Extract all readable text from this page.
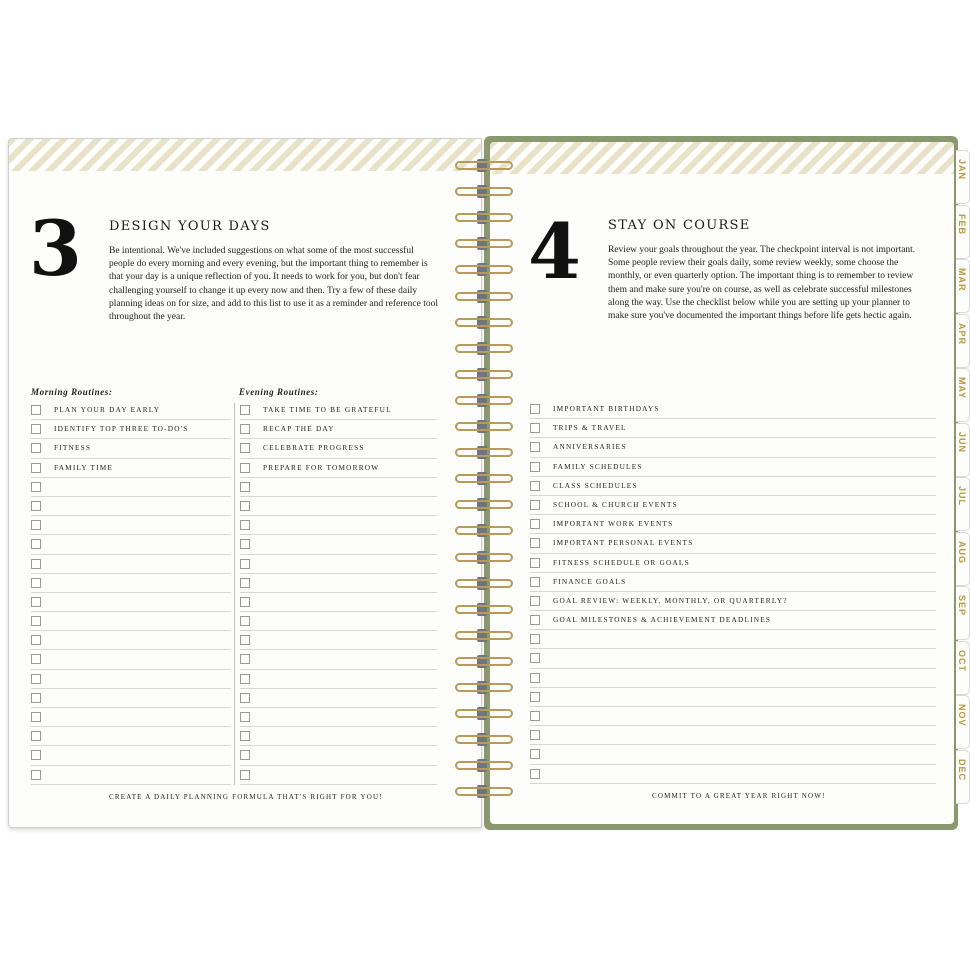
3 DESIGN YOUR DAYS
Be intentional. We've included suggestions on what some of the most successful people do every morning and every evening, but the important thing to remember is that your day is a unique reflection of you. It needs to work for you, but don't fear challenging yourself to change it up every now and then. Try a few of these daily planning ideas on for size, and add to this list to use it as a reminder and reference tool throughout the year.
Morning Routines:	Evening Routines:
PLAN YOUR DAY EARLY
IDENTIFY TOP THREE TO-DO'S
FITNESS
FAMILY TIME
TAKE TIME TO BE GRATEFUL
RECAP THE DAY
CELEBRATE PROGRESS
PREPARE FOR TOMORROW
CREATE A DAILY PLANNING FORMULA THAT'S RIGHT FOR YOU!
4 STAY ON COURSE
Review your goals throughout the year. The checkpoint interval is not important. Some people review their goals daily, some review weekly, some choose the monthly, or even quarterly option. The important thing is to remember to review them and make sure you're on course, as well as celebrate successful milestones along the way. Use the checklist below while you are setting up your planner to make sure you've documented the important things before life gets hectic again.
IMPORTANT BIRTHDAYS
TRIPS & TRAVEL
ANNIVERSARIES
FAMILY SCHEDULES
CLASS SCHEDULES
SCHOOL & CHURCH EVENTS
IMPORTANT WORK EVENTS
IMPORTANT PERSONAL EVENTS
FITNESS SCHEDULE OR GOALS
FINANCE GOALS
GOAL REVIEW: WEEKLY, MONTHLY, OR QUARTERLY?
GOAL MILESTONES & ACHIEVEMENT DEADLINES
COMMIT TO A GREAT YEAR RIGHT NOW!
JAN
FEB
MAR
APR
MAY
JUN
JUL
AUG
SEP
OCT
NOV
DEC
